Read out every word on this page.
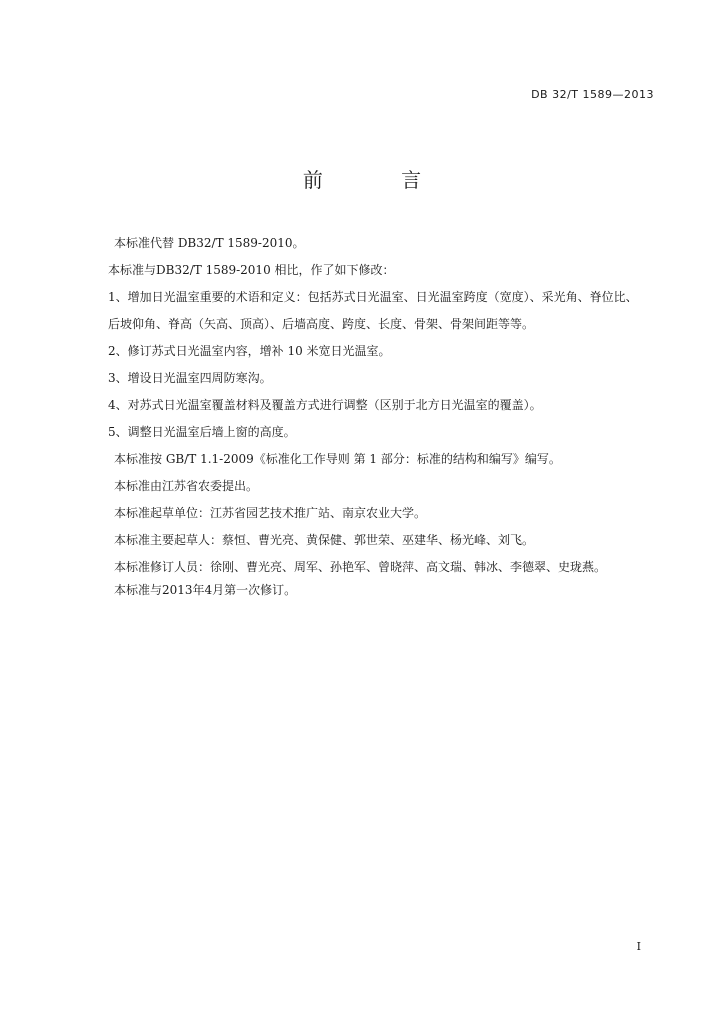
DB 32/T 1589—2013
前 言
本标准代替 DB32/T 1589-2010。
本标准与DB32/T 1589-2010 相比，作了如下修改：
1、增加日光温室重要的术语和定义：包括苏式日光温室、日光温室跨度（宽度）、采光角、脊位比、
后坡仰角、脊高（矢高、顶高）、后墙高度、跨度、长度、骨架、骨架间距等等。
2、修订苏式日光温室内容，增补 10 米宽日光温室。
3、增设日光温室四周防寒沟。
4、对苏式日光温室覆盖材料及覆盖方式进行调整（区别于北方日光温室的覆盖）。
5、调整日光温室后墙上窗的高度。
本标准按 GB/T 1.1-2009《标准化工作导则 第 1 部分：标准的结构和编写》编写。
本标准由江苏省农委提出。
本标准起草单位：江苏省园艺技术推广站、南京农业大学。
本标准主要起草人：蔡恒、曹光亮、黄保健、郭世荣、巫建华、杨光峰、刘飞。
本标准修订人员：徐刚、曹光亮、周军、孙艳军、曾晓萍、高文瑞、韩冰、李德翠、史珑燕。
本标准与2013年4月第一次修订。
I
